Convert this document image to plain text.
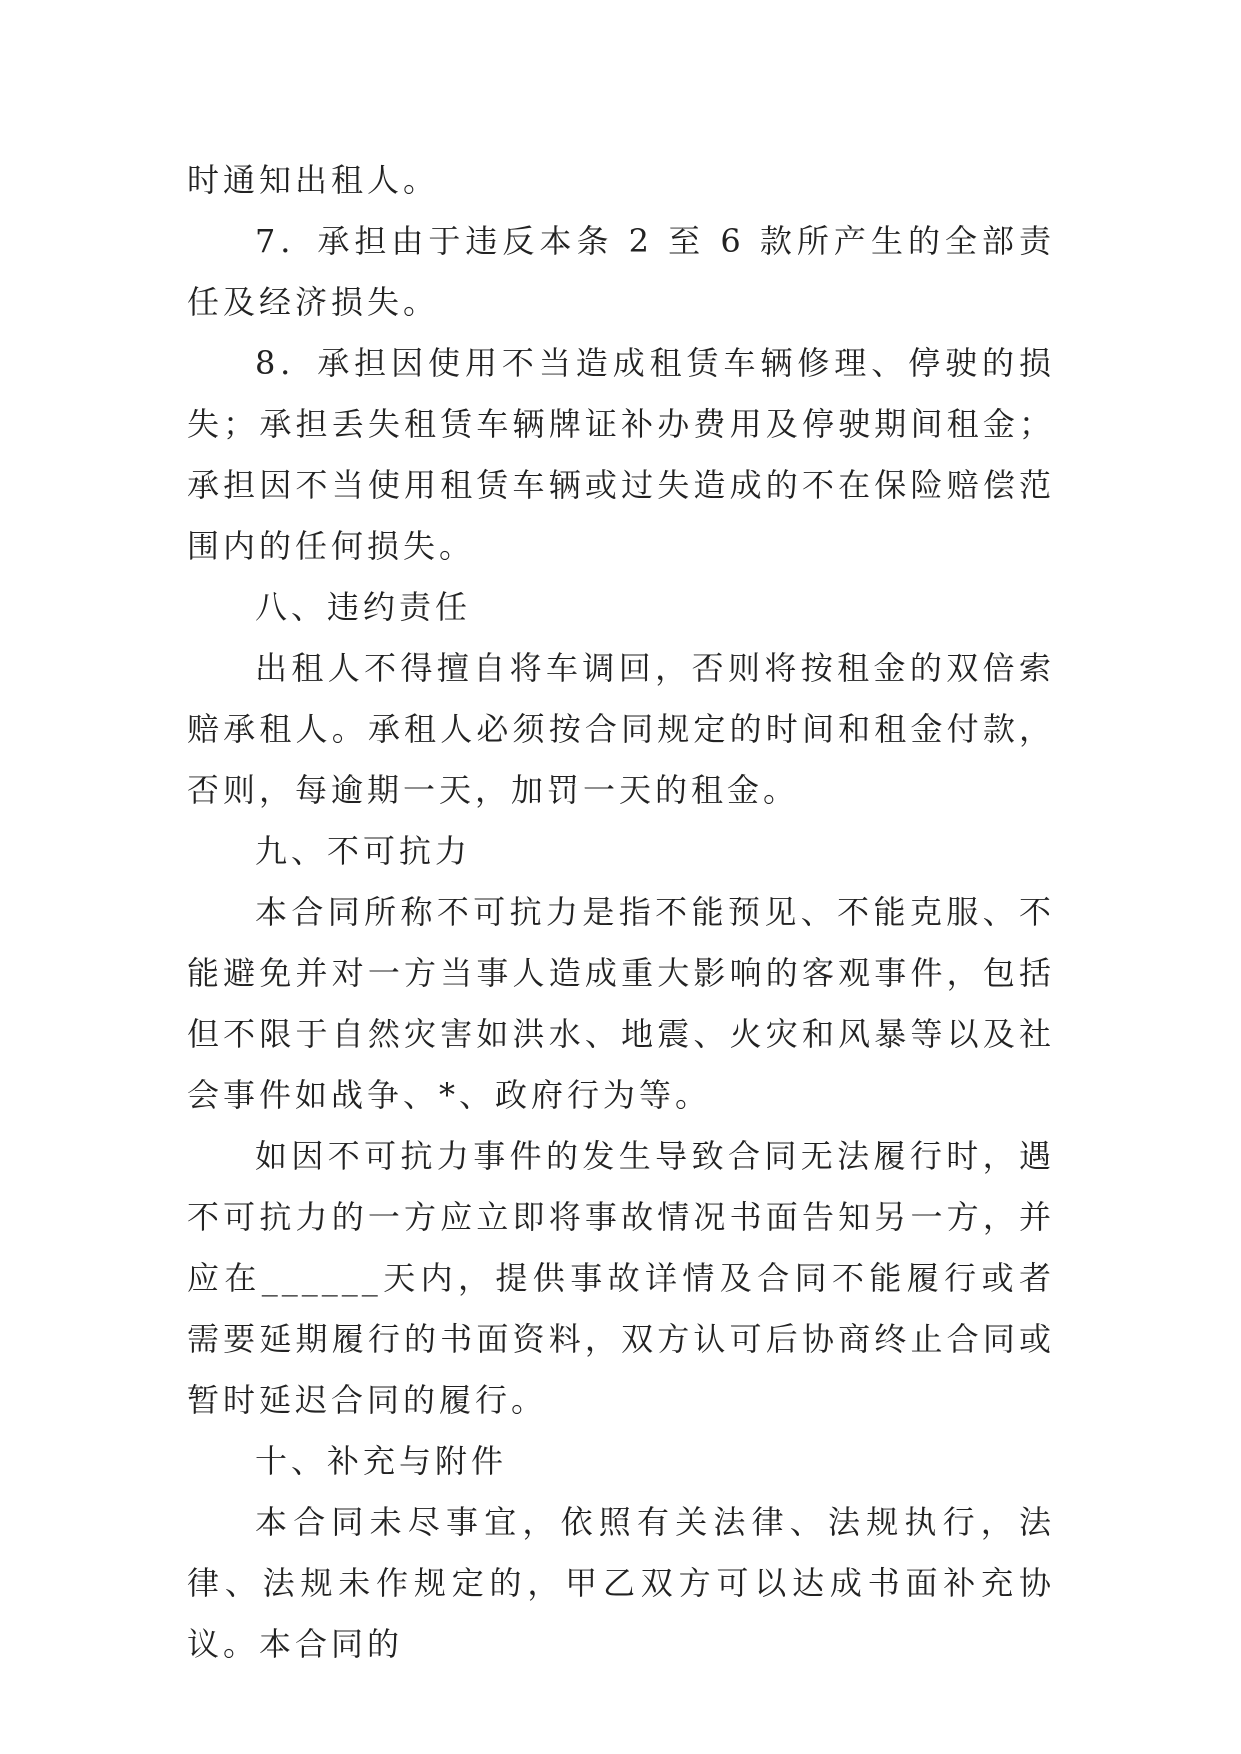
时通知出租人。

7．承担由于违反本条 2 至 6 款所产生的全部责任及经济损失。

8．承担因使用不当造成租赁车辆修理、停驶的损失；承担丢失租赁车辆牌证补办费用及停驶期间租金；承担因不当使用租赁车辆或过失造成的不在保险赔偿范围内的任何损失。

八、违约责任

出租人不得擅自将车调回，否则将按租金的双倍索赔承租人。承租人必须按合同规定的时间和租金付款，否则，每逾期一天，加罚一天的租金。

九、不可抗力

本合同所称不可抗力是指不能预见、不能克服、不能避免并对一方当事人造成重大影响的客观事件，包括但不限于自然灾害如洪水、地震、火灾和风暴等以及社会事件如战争、*、政府行为等。

如因不可抗力事件的发生导致合同无法履行时，遇不可抗力的一方应立即将事故情况书面告知另一方，并应在______天内，提供事故详情及合同不能履行或者需要延期履行的书面资料，双方认可后协商终止合同或暂时延迟合同的履行。

十、补充与附件

本合同未尽事宜，依照有关法律、法规执行，法律、法规未作规定的，甲乙双方可以达成书面补充协议。本合同的
